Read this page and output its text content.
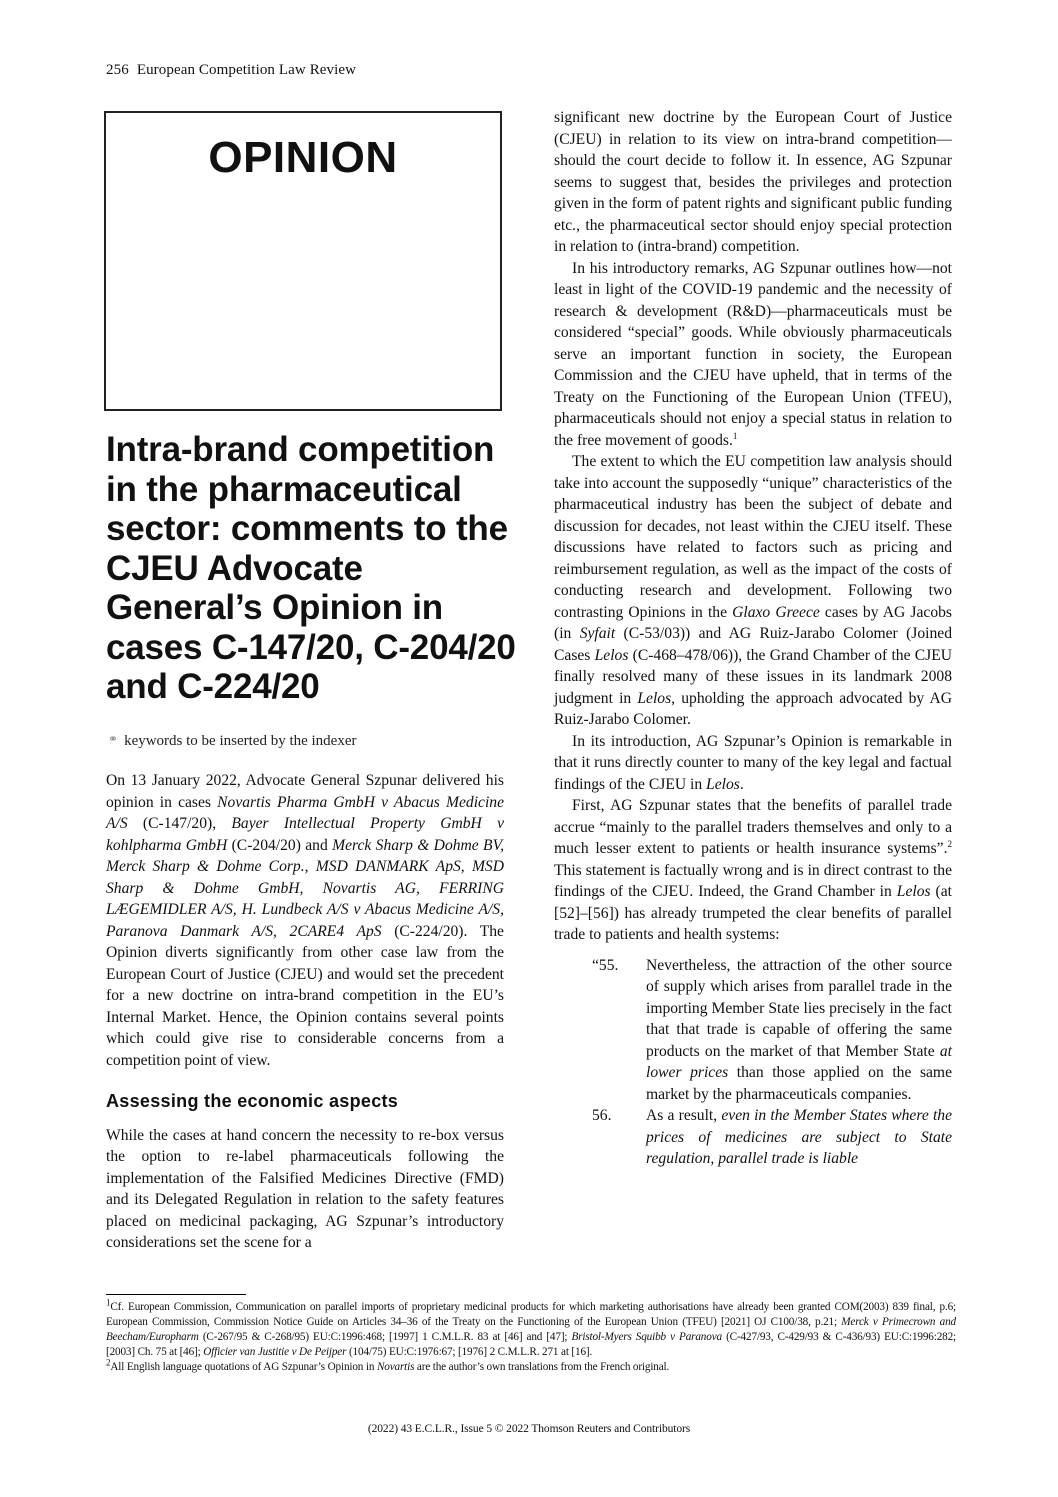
256 European Competition Law Review
OPINION
Intra-brand competition in the pharmaceutical sector: comments to the CJEU Advocate General’s Opinion in cases C-147/20, C-204/20 and C-224/20
⚭ keywords to be inserted by the indexer

On 13 January 2022, Advocate General Szpunar delivered his opinion in cases Novartis Pharma GmbH v Abacus Medicine A/S (C-147/20), Bayer Intellectual Property GmbH v kohlpharma GmbH (C-204/20) and Merck Sharp & Dohme BV, Merck Sharp & Dohme Corp., MSD DANMARK ApS, MSD Sharp & Dohme GmbH, Novartis AG, FERRING LÆGEMIDLER A/S, H. Lundbeck A/S v Abacus Medicine A/S, Paranova Danmark A/S, 2CARE4 ApS (C-224/20). The Opinion diverts significantly from other case law from the European Court of Justice (CJEU) and would set the precedent for a new doctrine on intra-brand competition in the EU’s Internal Market. Hence, the Opinion contains several points which could give rise to considerable concerns from a competition point of view.

Assessing the economic aspects

While the cases at hand concern the necessity to re-box versus the option to re-label pharmaceuticals following the implementation of the Falsified Medicines Directive (FMD) and its Delegated Regulation in relation to the safety features placed on medicinal packaging, AG Szpunar’s introductory considerations set the scene for a

significant new doctrine by the European Court of Justice (CJEU) in relation to its view on intra-brand competition—should the court decide to follow it. In essence, AG Szpunar seems to suggest that, besides the privileges and protection given in the form of patent rights and significant public funding etc., the pharmaceutical sector should enjoy special protection in relation to (intra-brand) competition.

In his introductory remarks, AG Szpunar outlines how—not least in light of the COVID-19 pandemic and the necessity of research & development (R&D)—pharmaceuticals must be considered “special” goods. While obviously pharmaceuticals serve an important function in society, the European Commission and the CJEU have upheld, that in terms of the Treaty on the Functioning of the European Union (TFEU), pharmaceuticals should not enjoy a special status in relation to the free movement of goods.$^1$

The extent to which the EU competition law analysis should take into account the supposedly “unique” characteristics of the pharmaceutical industry has been the subject of debate and discussion for decades, not least within the CJEU itself. These discussions have related to factors such as pricing and reimbursement regulation, as well as the impact of the costs of conducting research and development. Following two contrasting Opinions in the Glaxo Greece cases by AG Jacobs (in Syfait (C-53/03)) and AG Ruiz-Jarabo Colomer (Joined Cases Lelos (C-468–478/06)), the Grand Chamber of the CJEU finally resolved many of these issues in its landmark 2008 judgment in Lelos, upholding the approach advocated by AG Ruiz-Jarabo Colomer.

In its introduction, AG Szpunar’s Opinion is remarkable in that it runs directly counter to many of the key legal and factual findings of the CJEU in Lelos.

First, AG Szpunar states that the benefits of parallel trade accrue “mainly to the parallel traders themselves and only to a much lesser extent to patients or health insurance systems”.$^2$ This statement is factually wrong and is in direct contrast to the findings of the CJEU. Indeed, the Grand Chamber in Lelos (at [52]–[56]) has already trumpeted the clear benefits of parallel trade to patients and health systems:

“55.	Nevertheless, the attraction of the other source of supply which arises from parallel trade in the importing Member State lies precisely in the fact that that trade is capable of offering the same products on the market of that Member State at lower prices than those applied on the same market by the pharmaceuticals companies.
56.	As a result, even in the Member States where the prices of medicines are subject to State regulation, parallel trade is liable

$^1$Cf. European Commission, Communication on parallel imports of proprietary medicinal products for which marketing authorisations have already been granted COM(2003) 839 final, p.6; European Commission, Commission Notice Guide on Articles 34–36 of the Treaty on the Functioning of the European Union (TFEU) [2021] OJ C100/38, p.21; Merck v Primecrown and Beecham/Europharm (C-267/95 & C-268/95) EU:C:1996:468; [1997] 1 C.M.L.R. 83 at [46] and [47]; Bristol-Myers Squibb v Paranova (C-427/93, C-429/93 & C-436/93) EU:C:1996:282; [2003] Ch. 75 at [46]; Officier van Justitie v De Peijper (104/75) EU:C:1976:67; [1976] 2 C.M.L.R. 271 at [16].

$^2$All English language quotations of AG Szpunar’s Opinion in Novartis are the author’s own translations from the French original.

(2022) 43 E.C.L.R., Issue 5 © 2022 Thomson Reuters and Contributors
